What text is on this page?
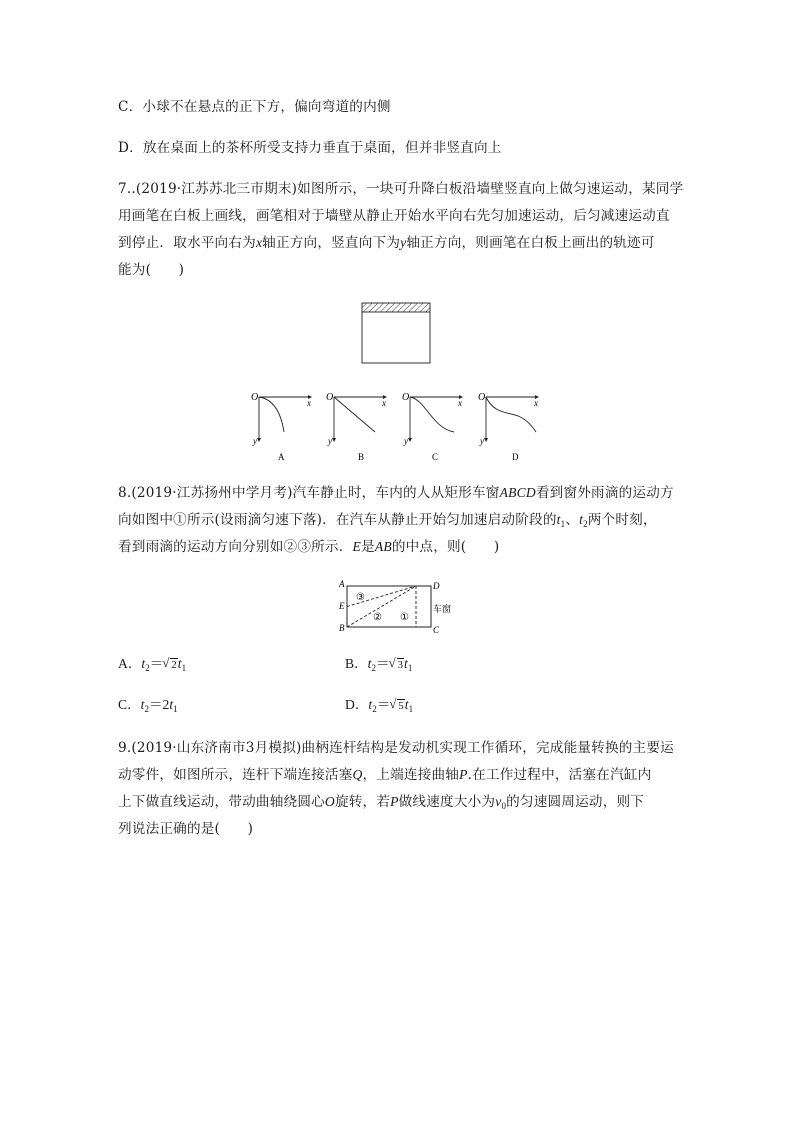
C．小球不在悬点的正下方，偏向弯道的内侧
D．放在桌面上的茶杯所受支持力垂直于桌面，但并非竖直向上
7..(2019·江苏苏北三市期末)如图所示，一块可升降白板沿墙壁竖直向上做匀速运动，某同学
用画笔在白板上画线，画笔相对于墙壁从静止开始水平向右先匀加速运动，后匀减速运动直
到停止．取水平向右为x轴正方向，竖直向下为y轴正方向，则画笔在白板上画出的轨迹可
能为(　　)
O	x
y
A
O	x
y
B
O	x
y
C
O	x
y
D
8.(2019·江苏扬州中学月考)汽车静止时，车内的人从矩形车窗ABCD看到窗外雨滴的运动方
向如图中①所示(设雨滴匀速下落)．在汽车从静止开始匀加速启动阶段的$t_1$、$t_2$两个时刻，
看到雨滴的运动方向分别如②③所示．E是AB的中点，则(　　)
A
E
B
D
C
③
② ①
车窗
A．$t_2=√$ $2t_1$	B．$t_2=√$ $3t_1$
C．$t_2=2t_1$	D．$t_2=√$ $5t_1$
9.(2019·山东济南市3月模拟)曲柄连杆结构是发动机实现工作循环，完成能量转换的主要运
动零件，如图所示，连杆下端连接活塞Q，上端连接曲轴P.在工作过程中，活塞在汽缸内
上下做直线运动，带动曲轴绕圆心O旋转，若P做线速度大小为$v_0$的匀速圆周运动，则下
列说法正确的是(　　)
